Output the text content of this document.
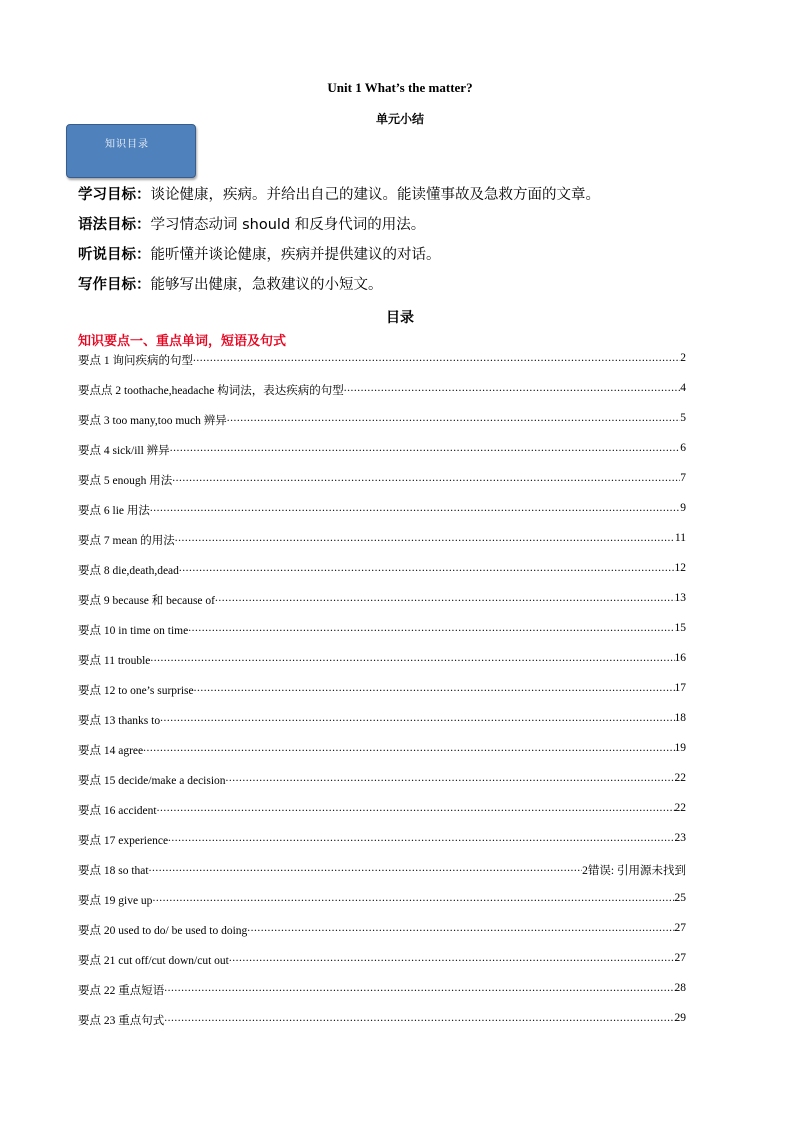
Unit 1 What’s the matter?
单元小结
知识目录
学习目标：谈论健康，疾病。并给出自己的建议。能读懂事故及急救方面的文章。
语法目标：学习情态动词 should 和反身代词的用法。
听说目标：能听懂并谈论健康，疾病并提供建议的对话。
写作目标：能够写出健康，急救建议的小短文。
目录
知识要点一、重点单词，短语及句式
要点 1 询问疾病的句型 .....	2
要点点 2 toothache,headache 构词法，表达疾病的句型 .....	4
要点 3 too many,too much 辨异 .....	5
要点 4 sick/ill 辨异 .....	6
要点 5 enough 用法 .....	7
要点 6 lie 用法 .....	9
要点 7 mean 的用法 .....	11
要点 8 die,death,dead .....	12
要点 9 because 和 because of .....	13
要点 10 in time on time .....	15
要点 11 trouble .....	16
要点 12 to one’s surprise .....	17
要点 13 thanks to .....	18
要点 14 agree .....	19
要点 15 decide/make a decision .....	22
要点 16 accident .....	22
要点 17 experience .....	23
要点 18 so that .....	2错误: 引用源未找到
要点 19 give up .....	25
要点 20 used to do/ be used to doing .....	27
要点 21 cut off/cut down/cut out .....	27
要点 22 重点短语 .....	28
要点 23 重点句式 .....	29
